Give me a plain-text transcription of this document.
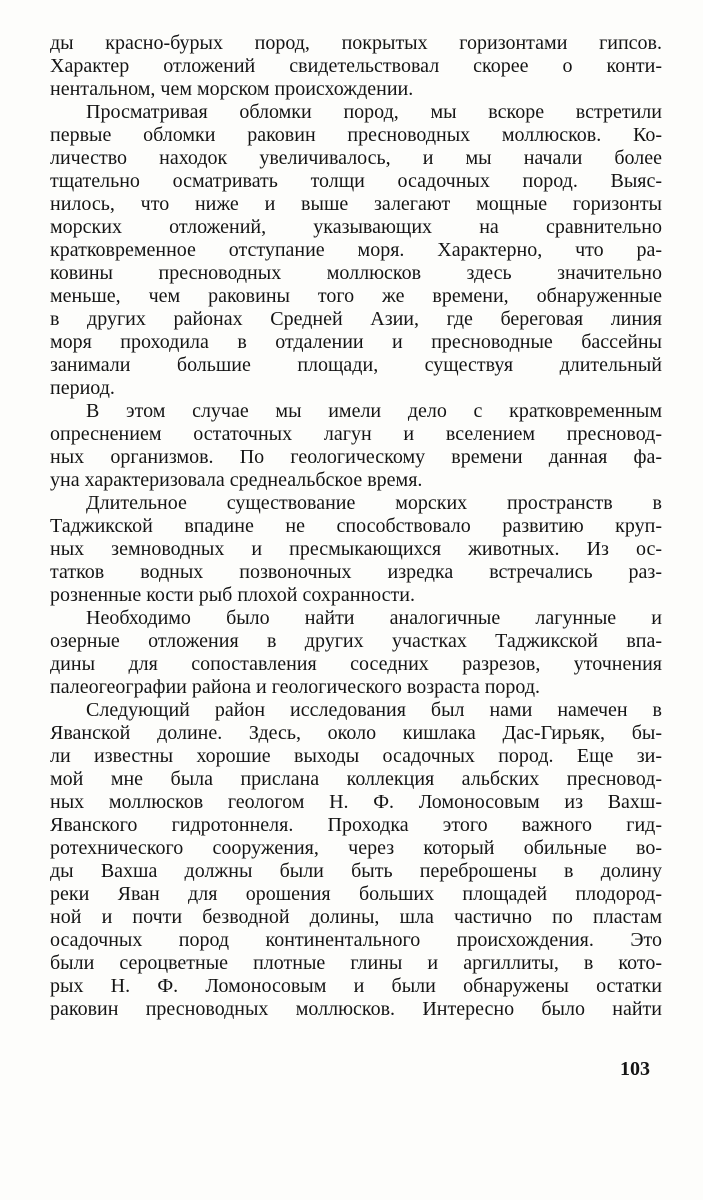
ды красно-бурых пород, покрытых горизонтами гипсов.
Характер отложений свидетельствовал скорее о конти-
нентальном, чем морском происхождении.
Просматривая обломки пород, мы вскоре встретили
первые обломки раковин пресноводных моллюсков. Ко-
личество находок увеличивалось, и мы начали более
тщательно осматривать толщи осадочных пород. Выяс-
нилось, что ниже и выше залегают мощные горизонты
морских отложений, указывающих на сравнительно
кратковременное отступание моря. Характерно, что ра-
ковины пресноводных моллюсков здесь значительно
меньше, чем раковины того же времени, обнаруженные
в других районах Средней Азии, где береговая линия
моря проходила в отдалении и пресноводные бассейны
занимали большие площади, существуя длительный
период.
В этом случае мы имели дело с кратковременным
опреснением остаточных лагун и вселением пресновод-
ных организмов. По геологическому времени данная фа-
уна характеризовала среднеальбское время.
Длительное существование морских пространств в
Таджикской впадине не способствовало развитию круп-
ных земноводных и пресмыкающихся животных. Из ос-
татков водных позвоночных изредка встречались раз-
розненные кости рыб плохой сохранности.
Необходимо было найти аналогичные лагунные и
озерные отложения в других участках Таджикской впа-
дины для сопоставления соседних разрезов, уточнения
палеогеографии района и геологического возраста пород.
Следующий район исследования был нами намечен в
Яванской долине. Здесь, около кишлака Дас-Гирьяк, бы-
ли известны хорошие выходы осадочных пород. Еще зи-
мой мне была прислана коллекция альбских пресновод-
ных моллюсков геологом Н. Ф. Ломоносовым из Вахш-
Яванского гидротоннеля. Проходка этого важного гид-
ротехнического сооружения, через который обильные во-
ды Вахша должны были быть переброшены в долину
реки Яван для орошения больших площадей плодород-
ной и почти безводной долины, шла частично по пластам
осадочных пород континентального происхождения. Это
были сероцветные плотные глины и аргиллиты, в кото-
рых Н. Ф. Ломоносовым и были обнаружены остатки
раковин пресноводных моллюсков. Интересно было найти
103
